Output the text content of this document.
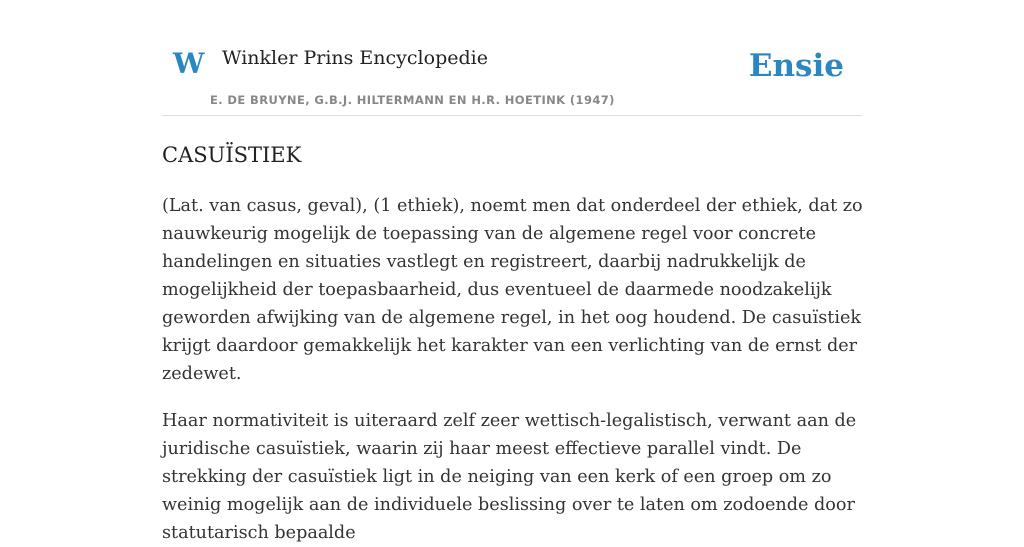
W Winkler Prins Encyclopedie
E. DE BRUYNE, G.B.J. HILTERMANN EN H.R. HOETINK (1947)
Ensie
CASUÏSTIEK

(Lat. van casus, geval), (1 ethiek), noemt men dat onderdeel der ethiek, dat zo nauwkeurig mogelijk de toepassing van de algemene regel voor concrete handelingen en situaties vastlegt en registreert, daarbij nadrukkelijk de mogelijkheid der toepasbaarheid, dus eventueel de daarmede noodzakelijk geworden afwijking van de algemene regel, in het oog houdend. De casuïstiek krijgt daardoor gemakkelijk het karakter van een verlichting van de ernst der zedewet.

Haar normativiteit is uiteraard zelf zeer wettisch-legalistisch, verwant aan de juridische casuïstiek, waarin zij haar meest effectieve parallel vindt. De strekking der casuïstiek ligt in de neiging van een kerk of een groep om zo weinig mogelijk aan de individuele beslissing over te laten om zodoende door statutarisch bepaalde
